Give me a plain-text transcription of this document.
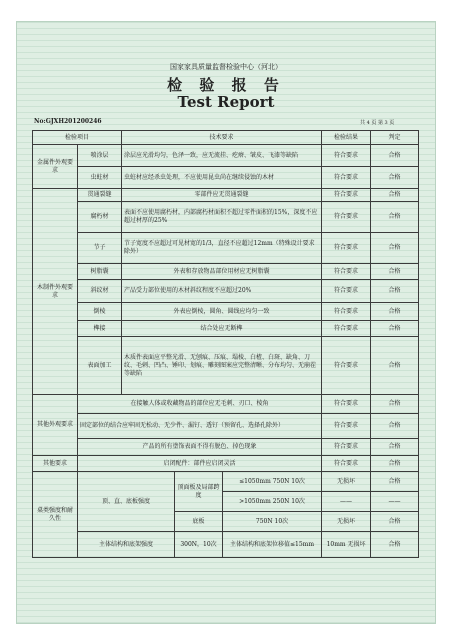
国家家具质量监督检验中心（河北）
检 验 报 告
Test Report
No:GJXH201200246	共 4 页 第 3 页
检验项目		技术要求			检验结果	判定
金属件外观要求	喷涂层	涂层应光滑均匀，色泽一致，应无流挂、疙瘩、皱皮、飞漆等缺陷			符合要求	合格
	虫蛀材	虫蛀材应经杀虫处理，不应使用昆虫尚在继续侵蚀的木材			符合要求	合格
木制件外观要求	贯通裂缝	零部件应无贯通裂缝			符合要求	合格
	腐朽材	表面不应使用腐朽材，内部腐朽材面积不超过零件面积的15%，深度不应超过材厚的25%			符合要求	合格
	节子	节子宽度不应超过可见材宽的1/3，直径不应超过12mm（特殊设计要求除外）			符合要求	合格
	树脂囊	外表和存放物品部位用材应无树脂囊			符合要求	合格
	斜纹材	产品受力部位使用的木材斜纹程度不应超过20%			符合要求	合格
	倒棱	外表应倒棱，圆角、圆线应均匀一致			符合要求	合格
	榫接	结合处应无断榫			符合要求	合格
	表面加工	木质件表面应平整光滑、无刨痕、压痕、塌棱、白楂、白斑、缺角、刀纹、毛刺、凹凸、锤印、划痕、雕刻图案应完整清晰、分布均匀、无崩茬等缺陷			符合要求	合格
其他外观要求	在接触人体或收藏物品的部位应无毛刺、刃口、棱角				符合要求	合格
	固定部位的结合应牢固无松动、无少件、漏钉、透钉（预留孔、选择孔除外）				符合要求	合格
	产品的所有塗饰表面不得有脱色、掉色现象				符合要求	合格
其他要求	启闭配件：部件应启闭灵活				符合要求	合格
桌类强度和耐久性	顶、直、底板强度		顶面板及局部跨度	≤1050mm 750N 10次	无损坏	合格
				>1050mm 250N 10次	——	——
			底板	750N 10次	无损坏	合格
	主体结构和底架强度		300N，10次	主体结构和底架位移值≤15mm	10mm 无损坏	合格
